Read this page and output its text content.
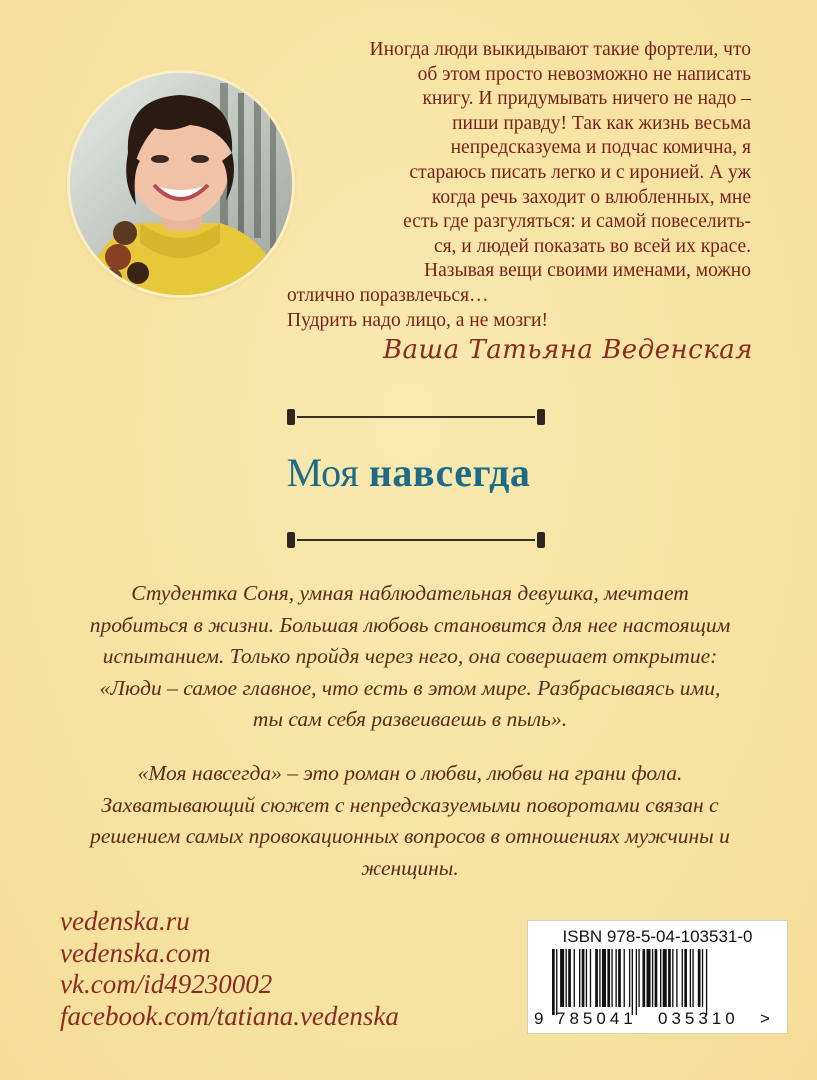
Иногда люди выкидывают такие фортели, что

об этом просто невозможно не написать

книгу. И придумывать ничего не надо –

пиши правду! Так как жизнь весьма

непредсказуема и подчас комична, я

стараюсь писать легко и с иронией. А уж

когда речь заходит о влюбленных, мне

есть где разгуляться: и самой повеселить-

ся, и людей показать во всей их красе.

Называя вещи своими именами, можно

отлично поразвлечься…

Пудрить надо лицо, а не мозги!

Ваша Татьяна Веденская
Моя навсегда

Студентка Соня, умная наблюдательная девушка, мечтает

пробиться в жизни. Большая любовь становится для нее настоящим

испытанием. Только пройдя через него, она совершает открытие:

«Люди – самое главное, что есть в этом мире. Разбрасываясь ими,

ты сам себя развеиваешь в пыль».

«Моя навсегда» – это роман о любви, любви на грани фола.

Захватывающий сюжет с непредсказуемыми поворотами связан с

решением самых провокационных вопросов в отношениях мужчины и

женщины.

vedenska.ru
vedenska.com
vk.com/id49230002
facebook.com/tatiana.vedenska
ISBN 978-5-04-103531-0
9 785041 035310 >
